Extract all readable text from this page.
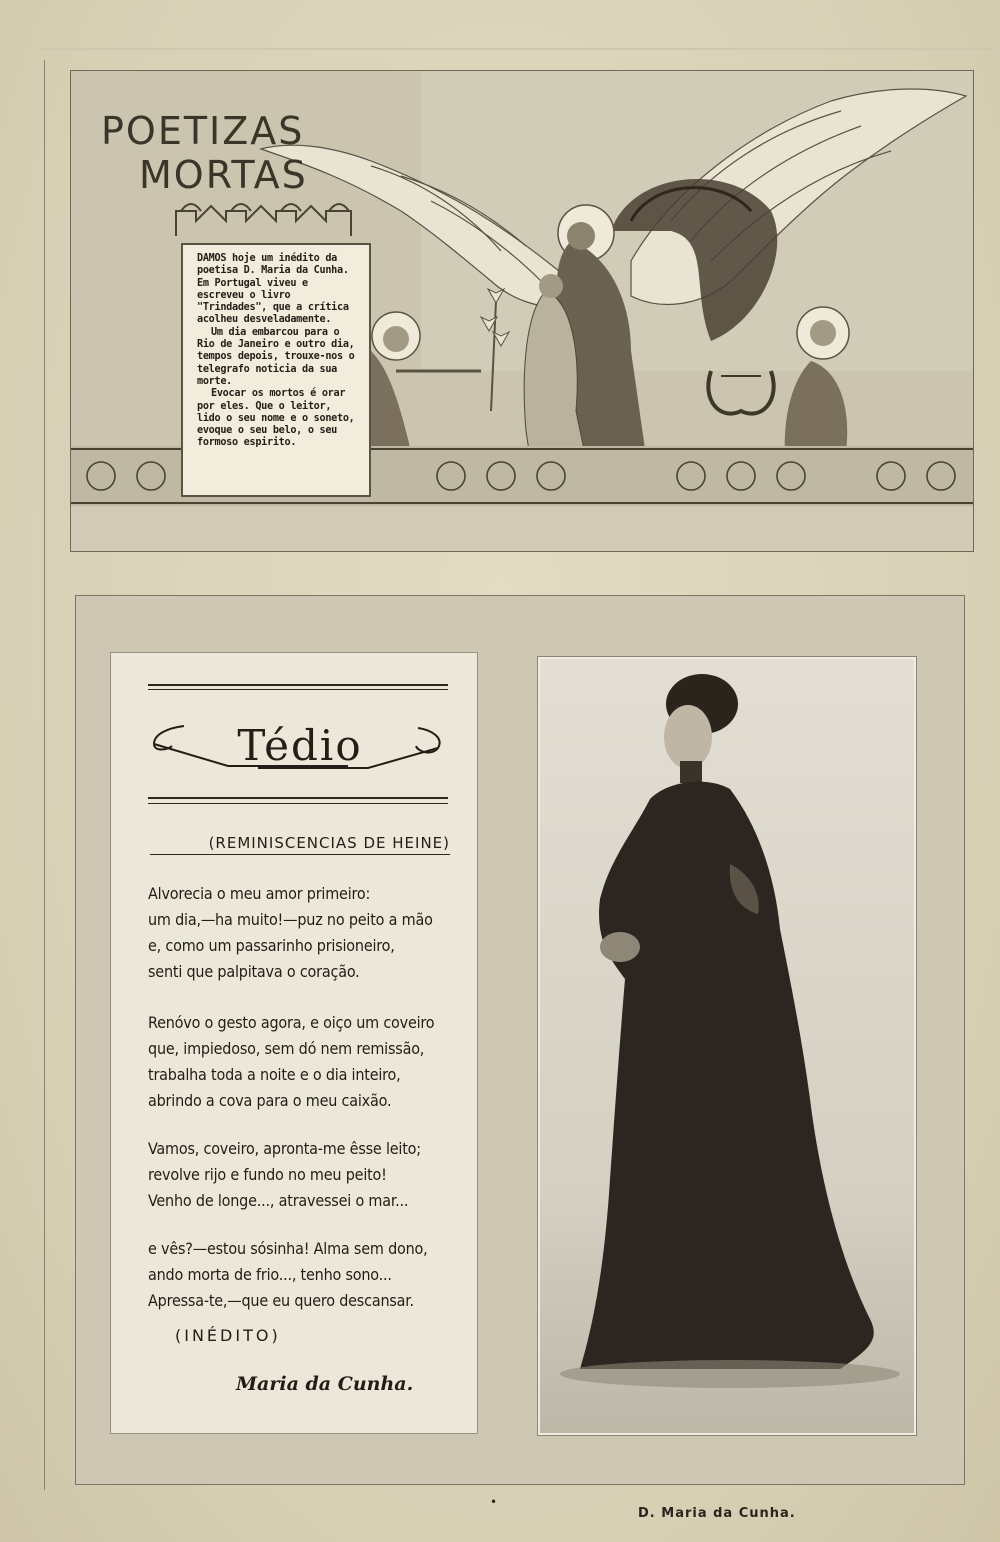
POETIZAS
MORTAS

DAMOS hoje um inédito da poetisa D. Maria da Cunha. Em Portugal viveu e escreveu o livro "Trindades", que a crítica acolheu desveladamente.

Um dia embarcou para o Rio de Janeiro e outro dia, tempos depois, trouxe-nos o telegrafo noticia da sua morte.

Evocar os mortos é orar por eles. Que o leitor, lido o seu nome e o soneto, evoque o seu belo, o seu formoso espirito.

Tédio
(REMINISCENCIAS DE HEINE)
Alvorecia o meu amor primeiro:
um dia,—ha muito!—puz no peito a mão
e, como um passarinho prisioneiro,
senti que palpitava o coração.
Renóvo o gesto agora, e oiço um coveiro
que, impiedoso, sem dó nem remissão,
trabalha toda a noite e o dia inteiro,
abrindo a cova para o meu caixão.
Vamos, coveiro, apronta-me êsse leito;
revolve rijo e fundo no meu peito!
Venho de longe..., atravessei o mar...
e vês?—estou sósinha! Alma sem dono,
ando morta de frio..., tenho sono...
Apressa-te,—que eu quero descansar.
(INÉDITO)
Maria da Cunha.
•
D. Maria da Cunha.
